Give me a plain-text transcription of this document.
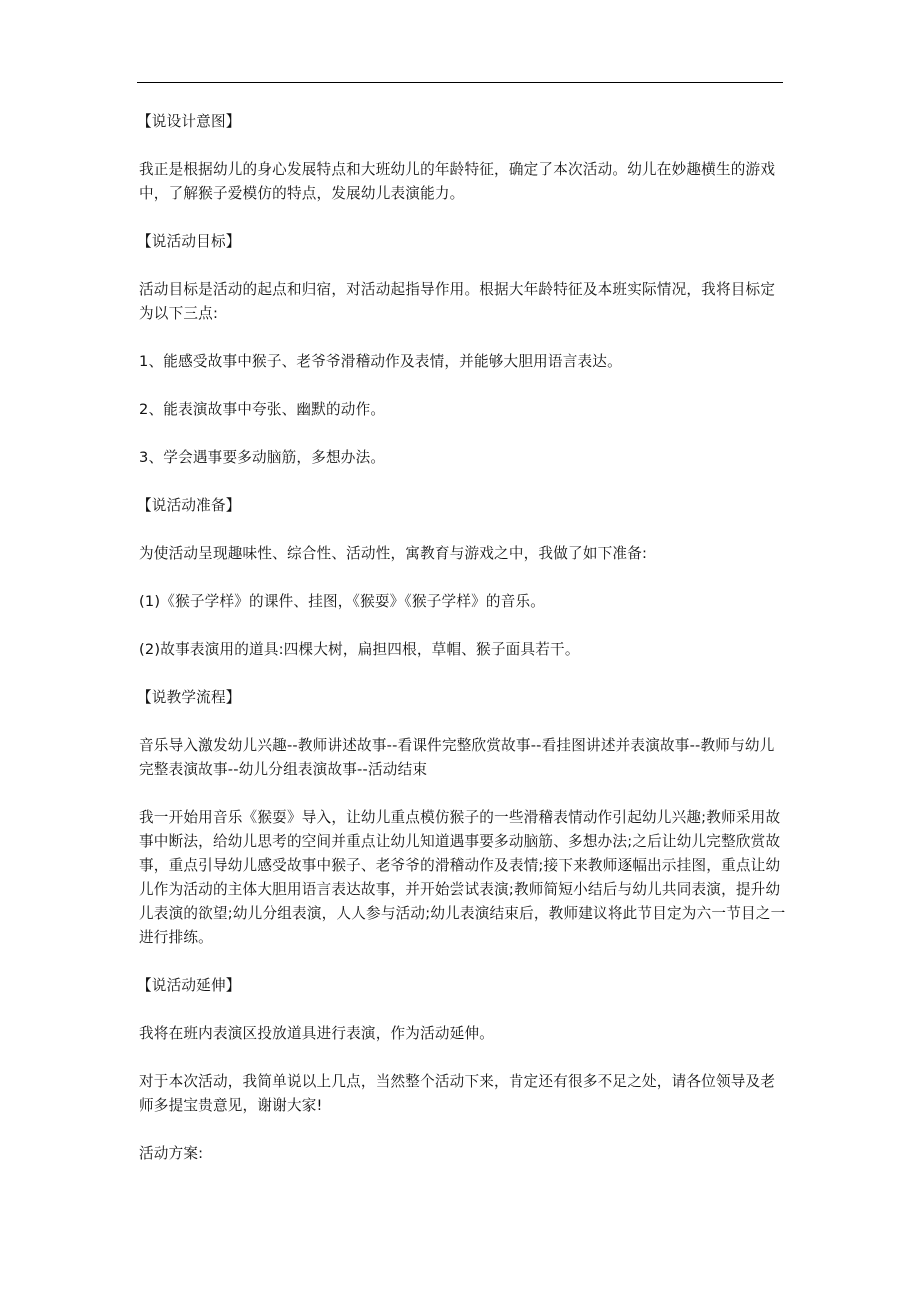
【说设计意图】

我正是根据幼儿的身心发展特点和大班幼儿的年龄特征，确定了本次活动。幼儿在妙趣横生的游戏中，了解猴子爱模仿的特点，发展幼儿表演能力。

【说活动目标】

活动目标是活动的起点和归宿，对活动起指导作用。根据大年龄特征及本班实际情况，我将目标定为以下三点:

1、能感受故事中猴子、老爷爷滑稽动作及表情，并能够大胆用语言表达。

2、能表演故事中夸张、幽默的动作。

3、学会遇事要多动脑筋，多想办法。

【说活动准备】

为使活动呈现趣味性、综合性、活动性，寓教育与游戏之中，我做了如下准备:

(1)《猴子学样》的课件、挂图，《猴耍》《猴子学样》的音乐。

(2)故事表演用的道具:四棵大树，扁担四根，草帽、猴子面具若干。

【说教学流程】

音乐导入激发幼儿兴趣--教师讲述故事--看课件完整欣赏故事--看挂图讲述并表演故事--教师与幼儿完整表演故事--幼儿分组表演故事--活动结束

我一开始用音乐《猴耍》导入，让幼儿重点模仿猴子的一些滑稽表情动作引起幼儿兴趣;教师采用故事中断法，给幼儿思考的空间并重点让幼儿知道遇事要多动脑筋、多想办法;之后让幼儿完整欣赏故事，重点引导幼儿感受故事中猴子、老爷爷的滑稽动作及表情;接下来教师逐幅出示挂图，重点让幼儿作为活动的主体大胆用语言表达故事，并开始尝试表演;教师简短小结后与幼儿共同表演，提升幼儿表演的欲望;幼儿分组表演，人人参与活动;幼儿表演结束后，教师建议将此节目定为六一节目之一进行排练。

【说活动延伸】

我将在班内表演区投放道具进行表演，作为活动延伸。

对于本次活动，我简单说以上几点，当然整个活动下来，肯定还有很多不足之处，请各位领导及老师多提宝贵意见，谢谢大家!

活动方案:
